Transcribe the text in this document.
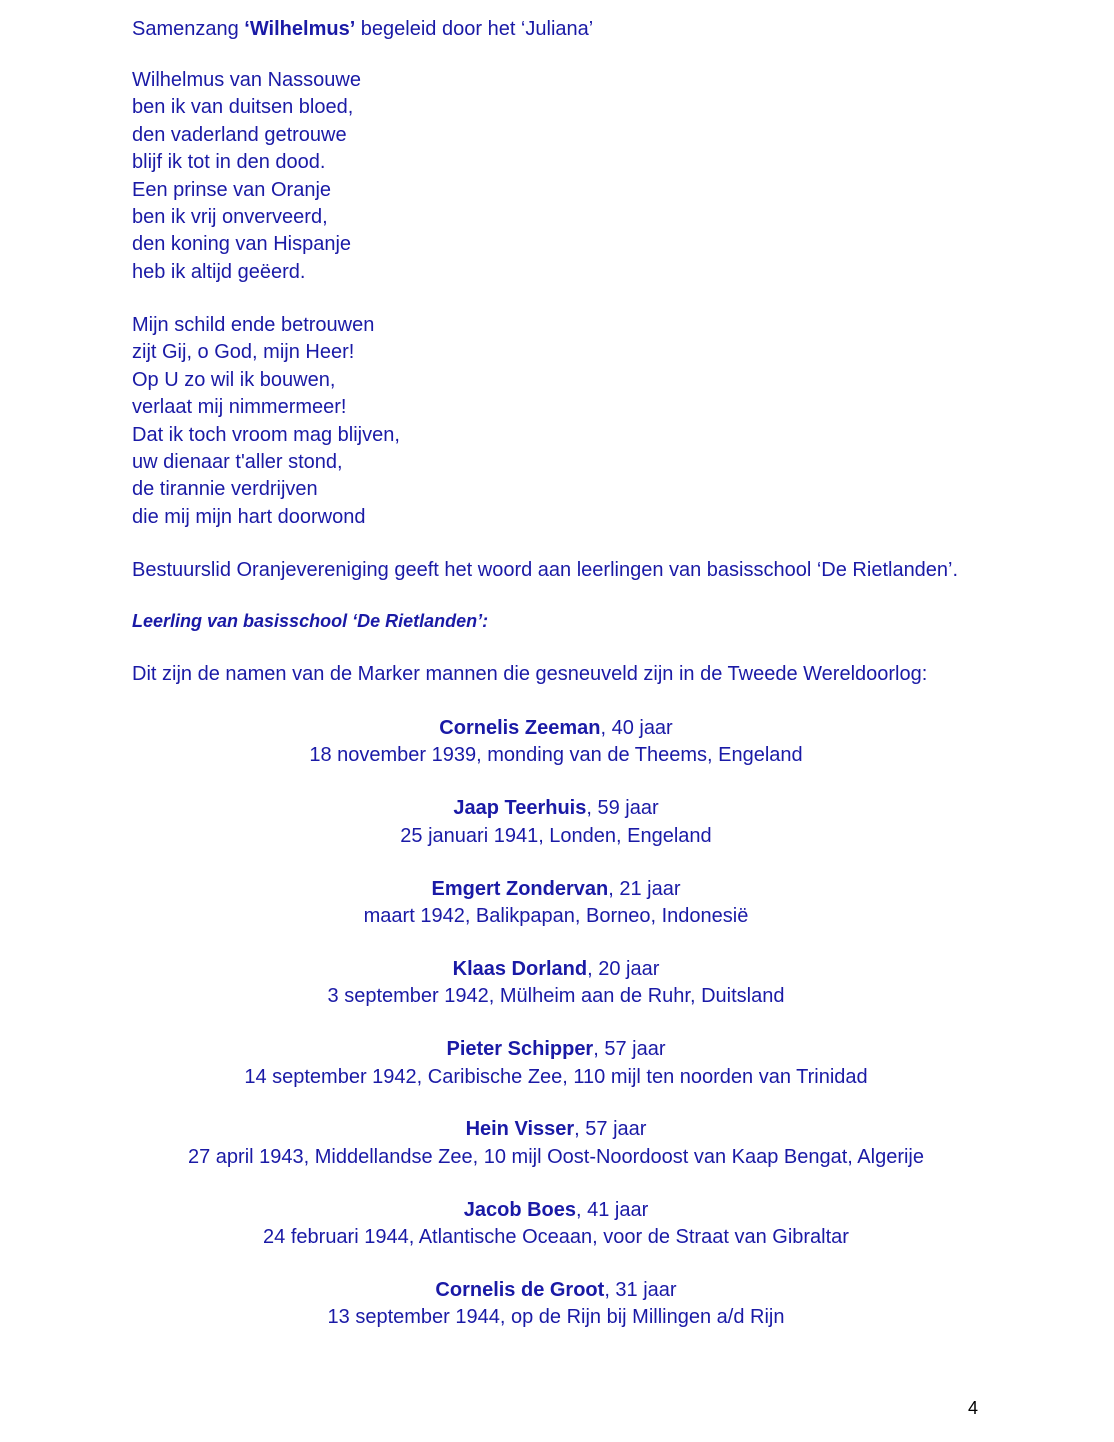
Samenzang ‘Wilhelmus’ begeleid door het ‘Juliana’

Wilhelmus van Nassouwe
ben ik van duitsen bloed,
den vaderland getrouwe
blijf ik tot in den dood.
Een prinse van Oranje
ben ik vrij onverveerd,
den koning van Hispanje
heb ik altijd geëerd.
Mijn schild ende betrouwen
zijt Gij, o God, mijn Heer!
Op U zo wil ik bouwen,
verlaat mij nimmermeer!
Dat ik toch vroom mag blijven,
uw dienaar t'aller stond,
de tirannie verdrijven
die mij mijn hart doorwond

Bestuurslid Oranjevereniging geeft het woord aan leerlingen van basisschool ‘De Rietlanden’.

Leerling van basisschool ‘De Rietlanden’:

Dit zijn de namen van de Marker mannen die gesneuveld zijn in de Tweede Wereldoorlog:

Cornelis Zeeman, 40 jaar
18 november 1939, monding van de Theems, Engeland
Jaap Teerhuis, 59 jaar
25 januari 1941, Londen, Engeland
Emgert Zondervan, 21 jaar
maart 1942, Balikpapan, Borneo, Indonesië
Klaas Dorland, 20 jaar
3 september 1942, Mülheim aan de Ruhr, Duitsland
Pieter Schipper, 57 jaar
14 september 1942, Caribische Zee, 110 mijl ten noorden van Trinidad
Hein Visser, 57 jaar
27 april 1943, Middellandse Zee, 10 mijl Oost-Noordoost van Kaap Bengat, Algerije
Jacob Boes, 41 jaar
24 februari 1944, Atlantische Oceaan, voor de Straat van Gibraltar
Cornelis de Groot, 31 jaar
13 september 1944, op de Rijn bij Millingen a/d Rijn
4
